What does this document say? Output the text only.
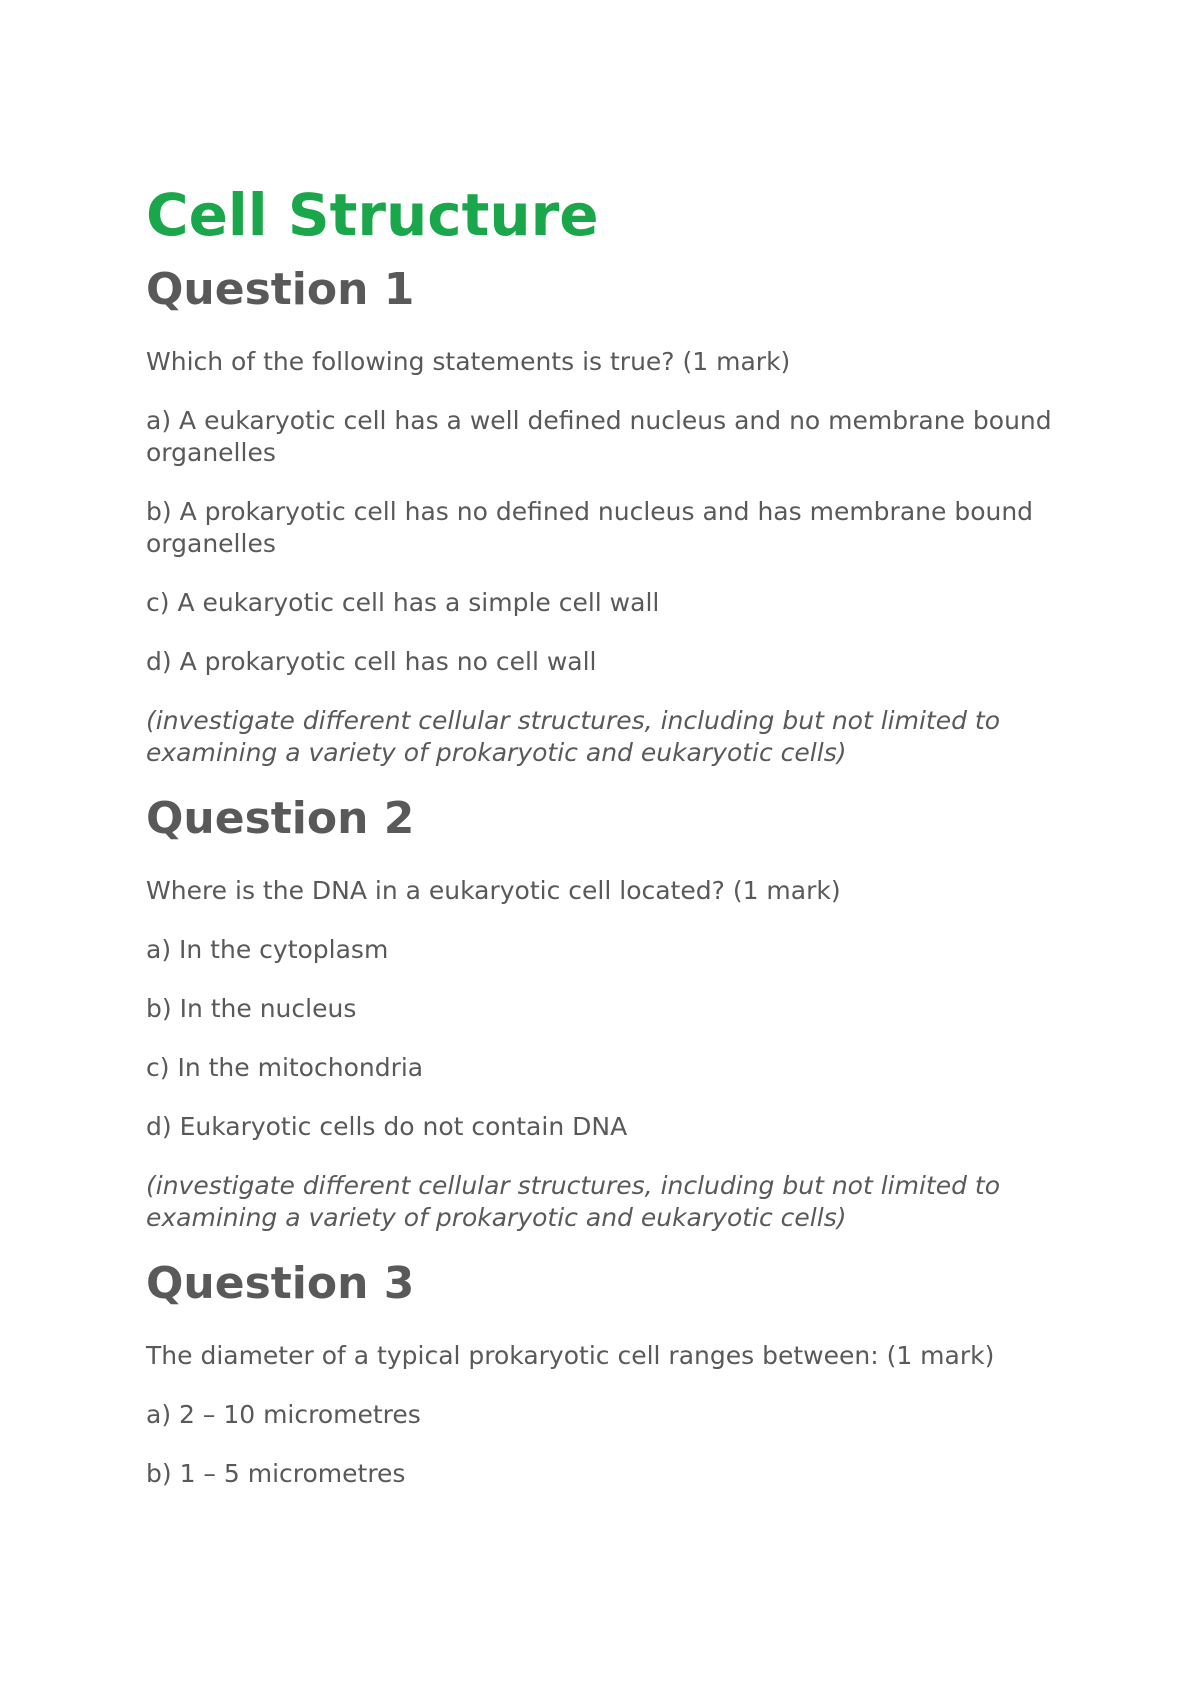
Cell Structure
Question 1

Which of the following statements is true? (1 mark)

a) A eukaryotic cell has a well defined nucleus and no membrane bound organelles

b) A prokaryotic cell has no defined nucleus and has membrane bound organelles

c) A eukaryotic cell has a simple cell wall

d) A prokaryotic cell has no cell wall

(investigate different cellular structures, including but not limited to examining a variety of prokaryotic and eukaryotic cells)

Question 2

Where is the DNA in a eukaryotic cell located? (1 mark)

a) In the cytoplasm

b) In the nucleus

c) In the mitochondria

d) Eukaryotic cells do not contain DNA

(investigate different cellular structures, including but not limited to examining a variety of prokaryotic and eukaryotic cells)

Question 3

The diameter of a typical prokaryotic cell ranges between: (1 mark)

a) 2 – 10 micrometres

b) 1 – 5 micrometres
